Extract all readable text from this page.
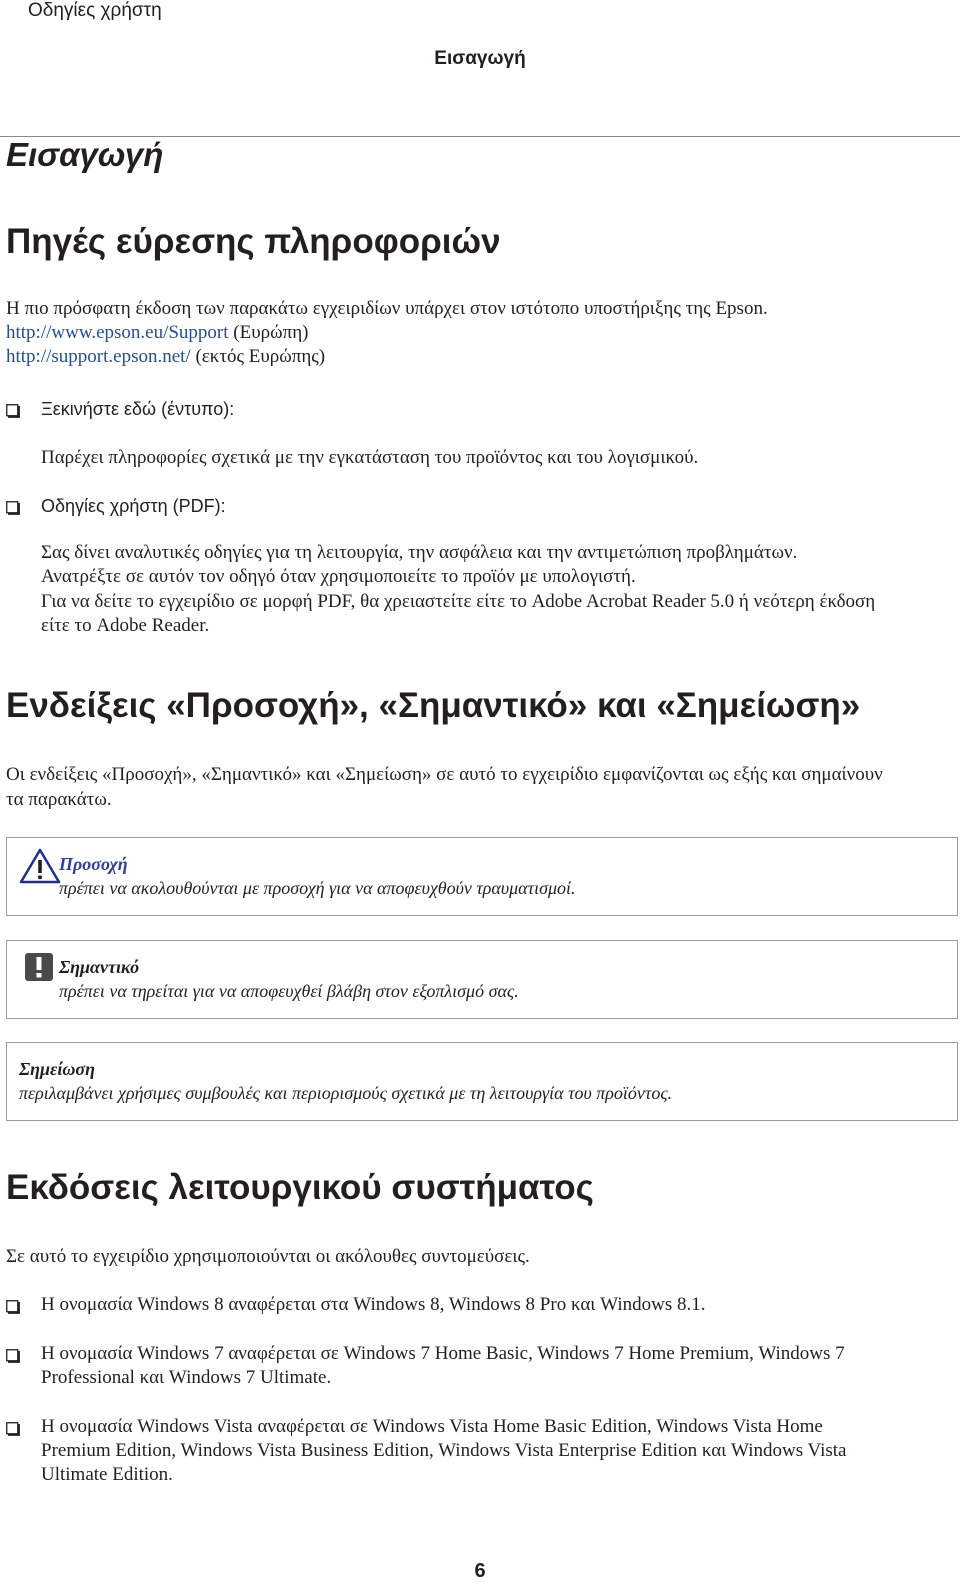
Οδηγίες χρήστη
Εισαγωγή
Εισαγωγή
Πηγές εύρεσης πληροφοριών
Η πιο πρόσφατη έκδοση των παρακάτω εγχειριδίων υπάρχει στον ιστότοπο υποστήριξης της Epson.
http://www.epson.eu/Support (Ευρώπη)
http://support.epson.net/ (εκτός Ευρώπης)
Ξεκινήστε εδώ (έντυπο):
Παρέχει πληροφορίες σχετικά με την εγκατάσταση του προϊόντος και του λογισμικού.
Οδηγίες χρήστη (PDF):
Σας δίνει αναλυτικές οδηγίες για τη λειτουργία, την ασφάλεια και την αντιμετώπιση προβλημάτων.
Ανατρέξτε σε αυτόν τον οδηγό όταν χρησιμοποιείτε το προϊόν με υπολογιστή.
Για να δείτε το εγχειρίδιο σε μορφή PDF, θα χρειαστείτε είτε το Adobe Acrobat Reader 5.0 ή νεότερη έκδοση
είτε το Adobe Reader.
Ενδείξεις «Προσοχή», «Σημαντικό» και «Σημείωση»
Οι ενδείξεις «Προσοχή», «Σημαντικό» και «Σημείωση» σε αυτό το εγχειρίδιο εμφανίζονται ως εξής και σημαίνουν
τα παρακάτω.
Προσοχή
πρέπει να ακολουθούνται με προσοχή για να αποφευχθούν τραυματισμοί.
Σημαντικό
πρέπει να τηρείται για να αποφευχθεί βλάβη στον εξοπλισμό σας.
Σημείωση
περιλαμβάνει χρήσιμες συμβουλές και περιορισμούς σχετικά με τη λειτουργία του προϊόντος.
Εκδόσεις λειτουργικού συστήματος
Σε αυτό το εγχειρίδιο χρησιμοποιούνται οι ακόλουθες συντομεύσεις.
Η ονομασία Windows 8 αναφέρεται στα Windows 8, Windows 8 Pro και Windows 8.1.
Η ονομασία Windows 7 αναφέρεται σε Windows 7 Home Basic, Windows 7 Home Premium, Windows 7
Professional και Windows 7 Ultimate.
Η ονομασία Windows Vista αναφέρεται σε Windows Vista Home Basic Edition, Windows Vista Home
Premium Edition, Windows Vista Business Edition, Windows Vista Enterprise Edition και Windows Vista
Ultimate Edition.
6
